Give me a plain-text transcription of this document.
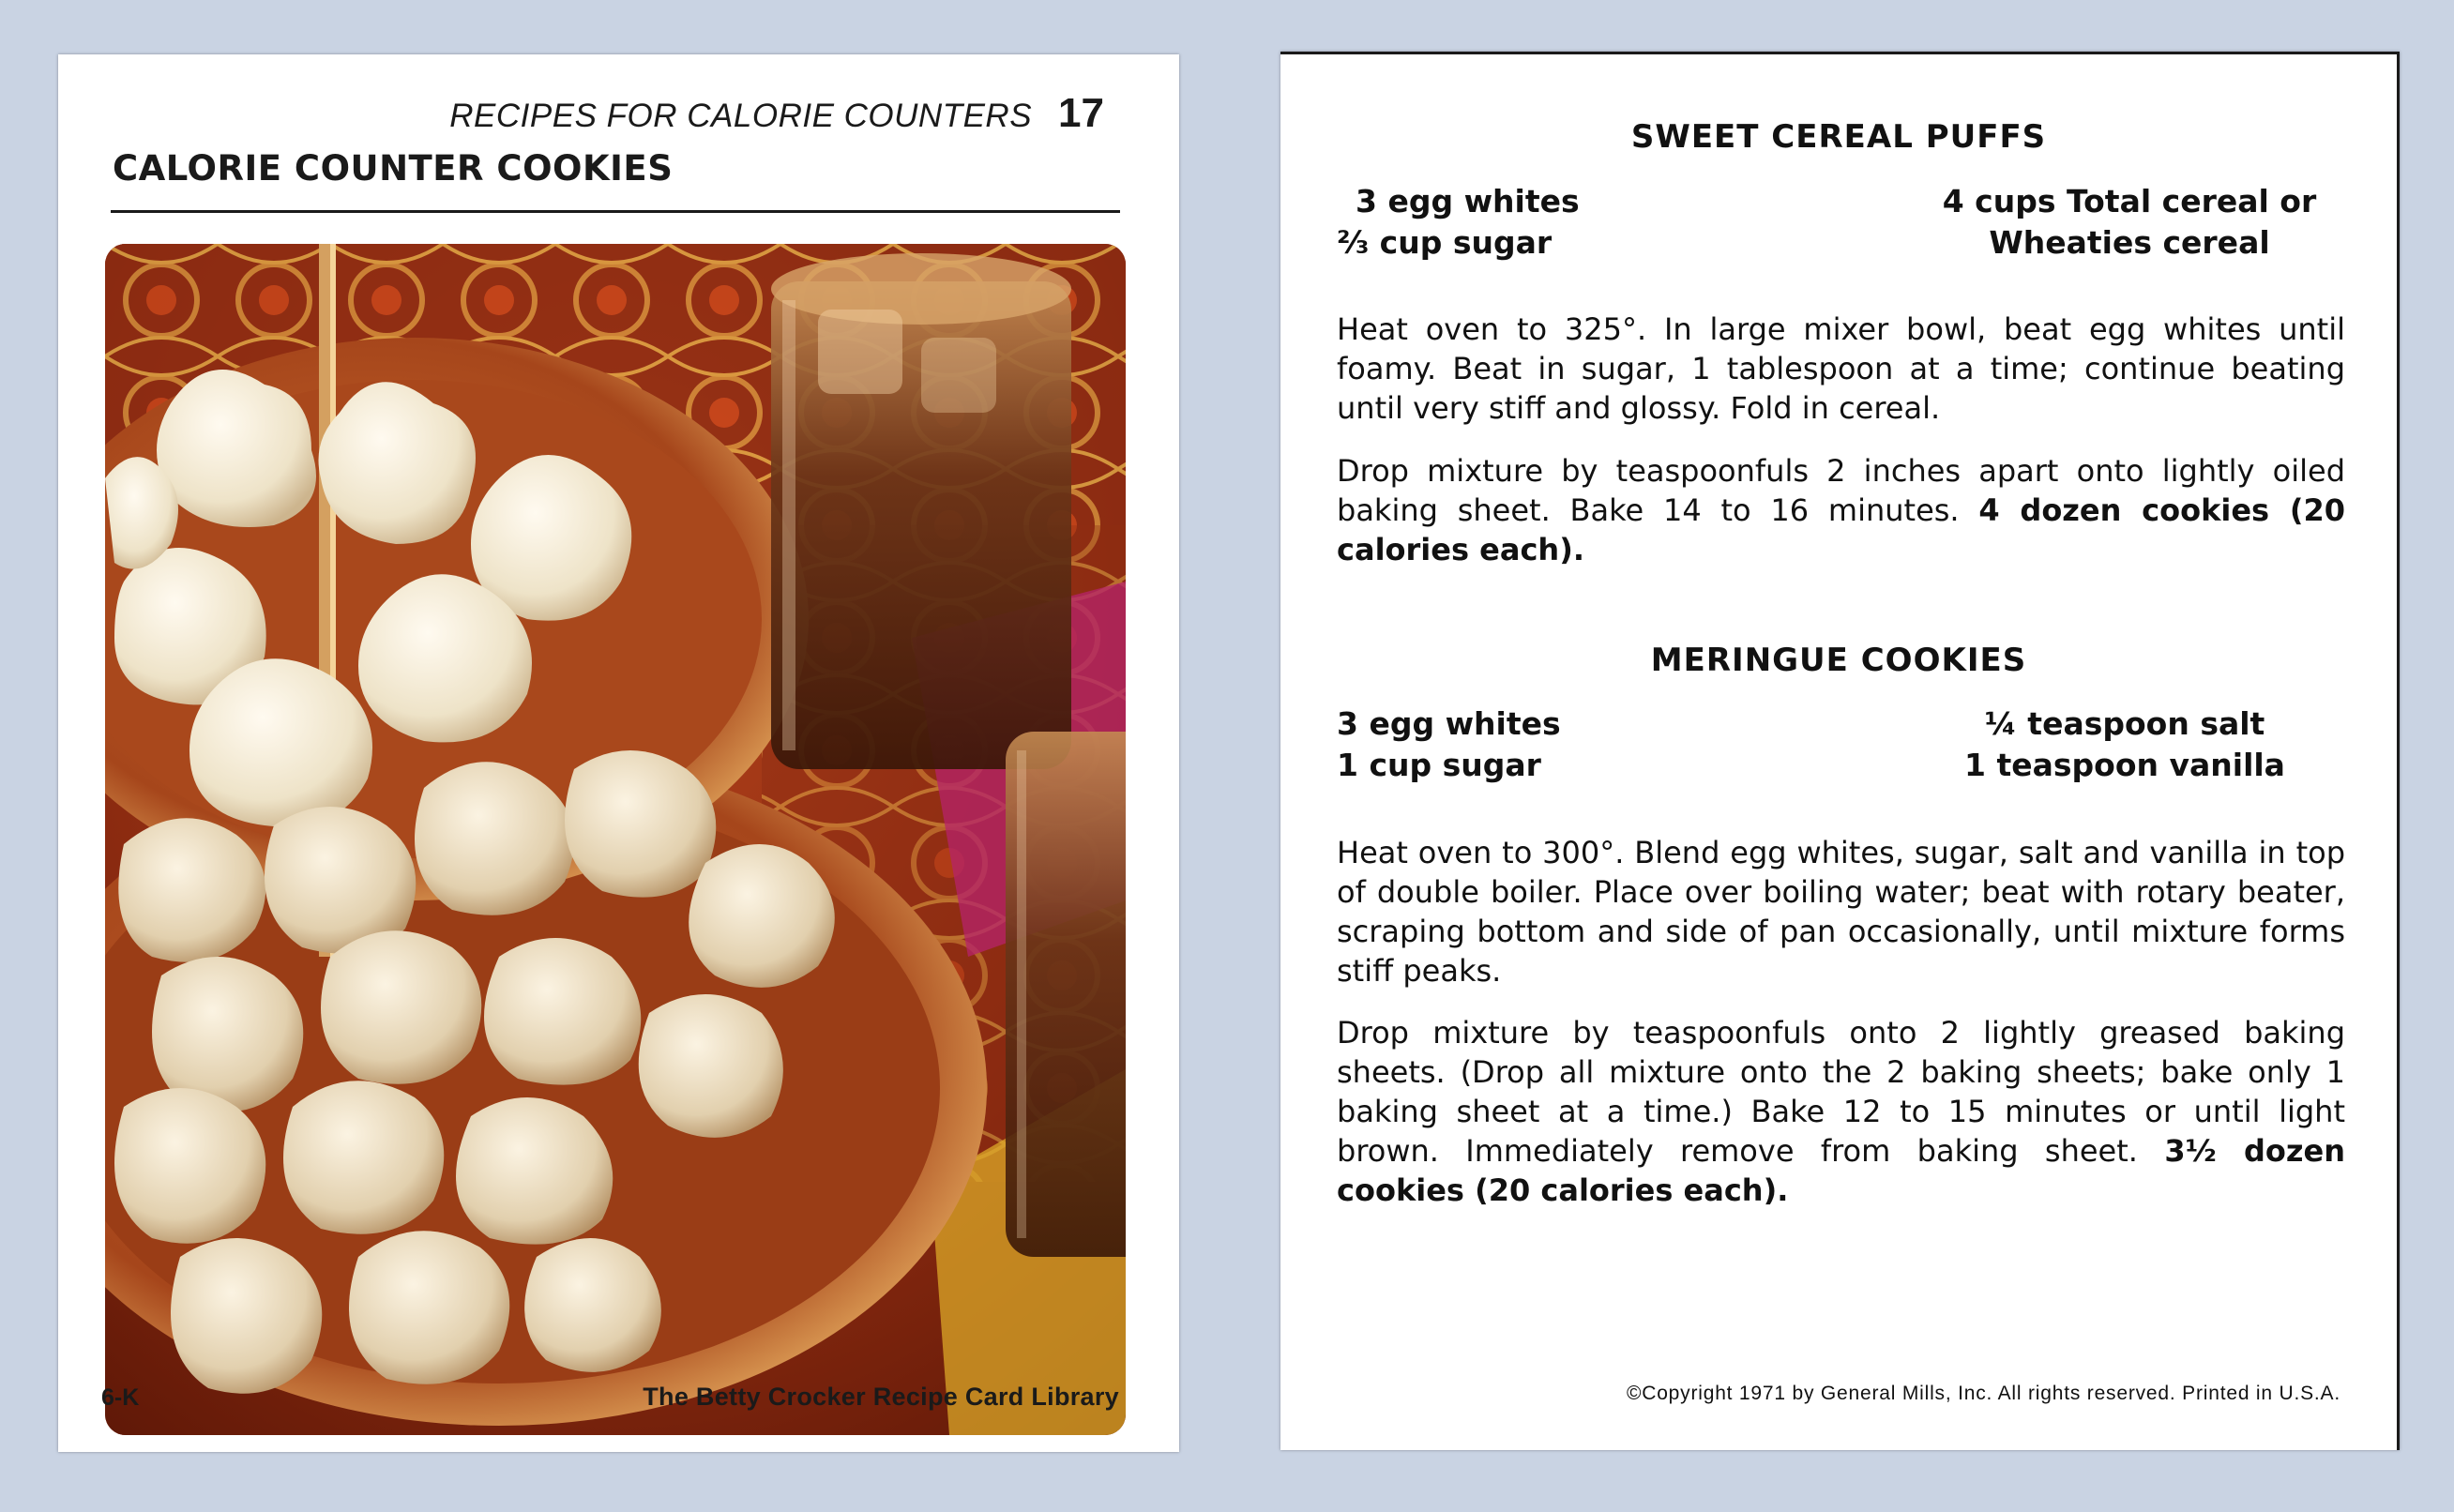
RECIPES FOR CALORIE COUNTERS 17
CALORIE COUNTER COOKIES
6-K	The Betty Crocker Recipe Card Library
SWEET CEREAL PUFFS
3 egg whites
⅔ cup sugar
4 cups Total cereal or
Wheaties cereal
Heat oven to 325°. In large mixer bowl, beat egg whites until foamy. Beat in sugar, 1 tablespoon at a time; continue beating until very stiff and glossy. Fold in cereal.
Drop mixture by teaspoonfuls 2 inches apart onto lightly oiled baking sheet. Bake 14 to 16 minutes. 4 dozen cookies (20 calories each).
MERINGUE COOKIES
3 egg whites
1 cup sugar
¼ teaspoon salt
1 teaspoon vanilla
Heat oven to 300°. Blend egg whites, sugar, salt and vanilla in top of double boiler. Place over boiling water; beat with rotary beater, scraping bottom and side of pan occasionally, until mixture forms stiff peaks.
Drop mixture by teaspoonfuls onto 2 lightly greased baking sheets. (Drop all mixture onto the 2 baking sheets; bake only 1 baking sheet at a time.) Bake 12 to 15 minutes or until light brown. Immediately remove from baking sheet. 3½ dozen cookies (20 calories each).
©Copyright 1971 by General Mills, Inc. All rights reserved. Printed in U.S.A.
